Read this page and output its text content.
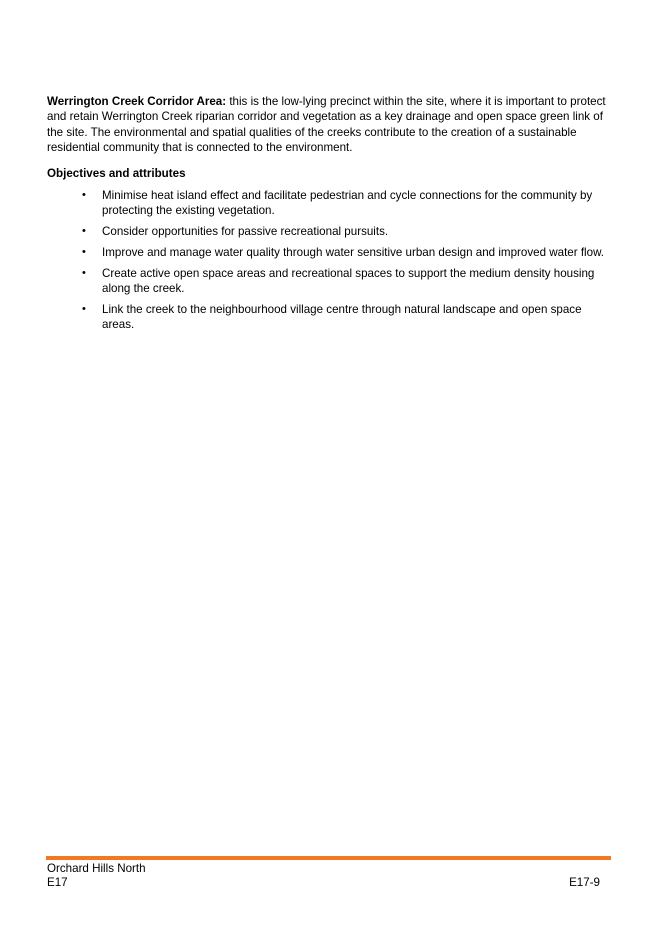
Werrington Creek Corridor Area: this is the low-lying precinct within the site, where it is important to protect and retain Werrington Creek riparian corridor and vegetation as a key drainage and open space green link of the site. The environmental and spatial qualities of the creeks contribute to the creation of a sustainable residential community that is connected to the environment.

Objectives and attributes

• Minimise heat island effect and facilitate pedestrian and cycle connections for the community by protecting the existing vegetation.
• Consider opportunities for passive recreational pursuits.
• Improve and manage water quality through water sensitive urban design and improved water flow.
• Create active open space areas and recreational spaces to support the medium density housing along the creek.
• Link the creek to the neighbourhood village centre through natural landscape and open space areas.
Orchard Hills North
E17	E17-9
